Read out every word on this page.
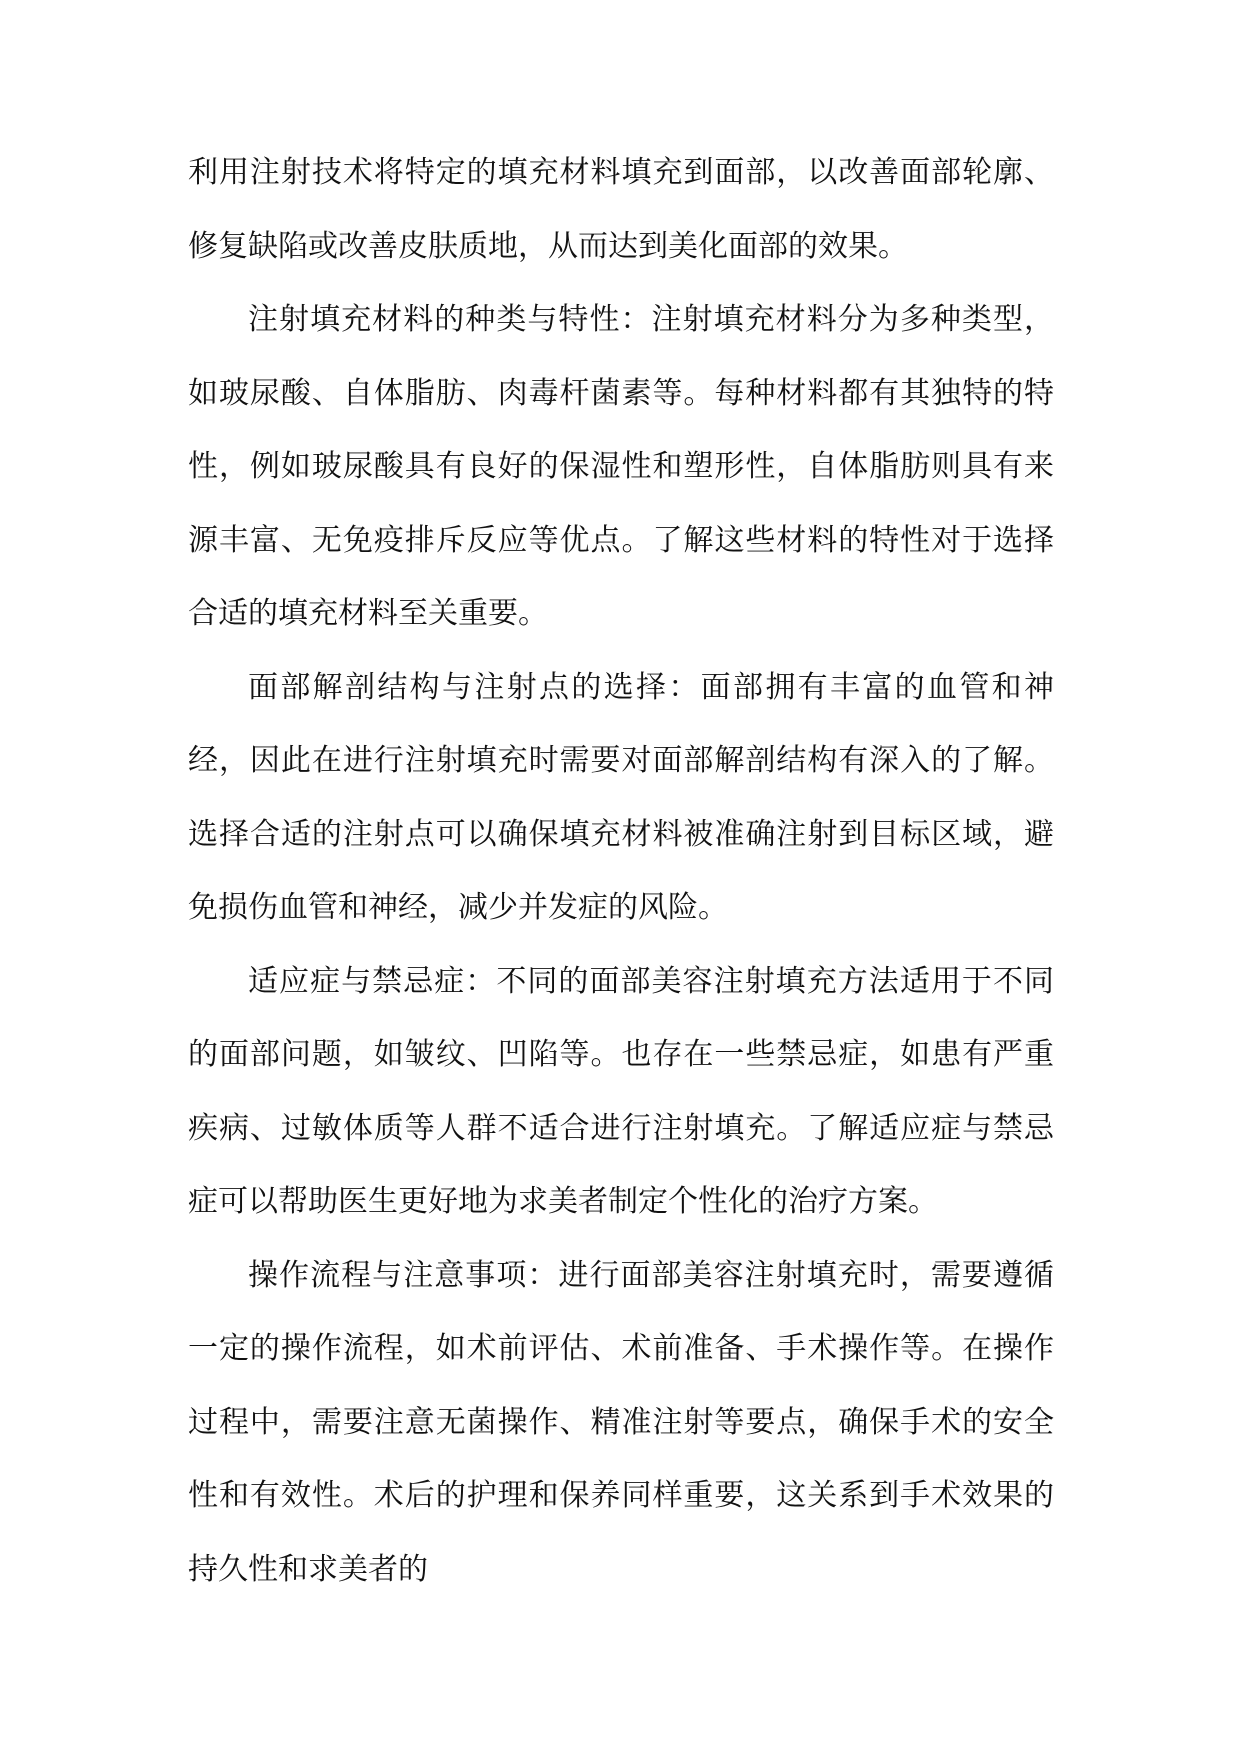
利用注射技术将特定的填充材料填充到面部，以改善面部轮廓、修复缺陷或改善皮肤质地，从而达到美化面部的效果。

注射填充材料的种类与特性：注射填充材料分为多种类型，如玻尿酸、自体脂肪、肉毒杆菌素等。每种材料都有其独特的特性，例如玻尿酸具有良好的保湿性和塑形性，自体脂肪则具有来源丰富、无免疫排斥反应等优点。了解这些材料的特性对于选择合适的填充材料至关重要。

面部解剖结构与注射点的选择：面部拥有丰富的血管和神经，因此在进行注射填充时需要对面部解剖结构有深入的了解。选择合适的注射点可以确保填充材料被准确注射到目标区域，避免损伤血管和神经，减少并发症的风险。

适应症与禁忌症：不同的面部美容注射填充方法适用于不同的面部问题，如皱纹、凹陷等。也存在一些禁忌症，如患有严重疾病、过敏体质等人群不适合进行注射填充。了解适应症与禁忌症可以帮助医生更好地为求美者制定个性化的治疗方案。

操作流程与注意事项：进行面部美容注射填充时，需要遵循一定的操作流程，如术前评估、术前准备、手术操作等。在操作过程中，需要注意无菌操作、精准注射等要点，确保手术的安全性和有效性。术后的护理和保养同样重要，这关系到手术效果的持久性和求美者的
